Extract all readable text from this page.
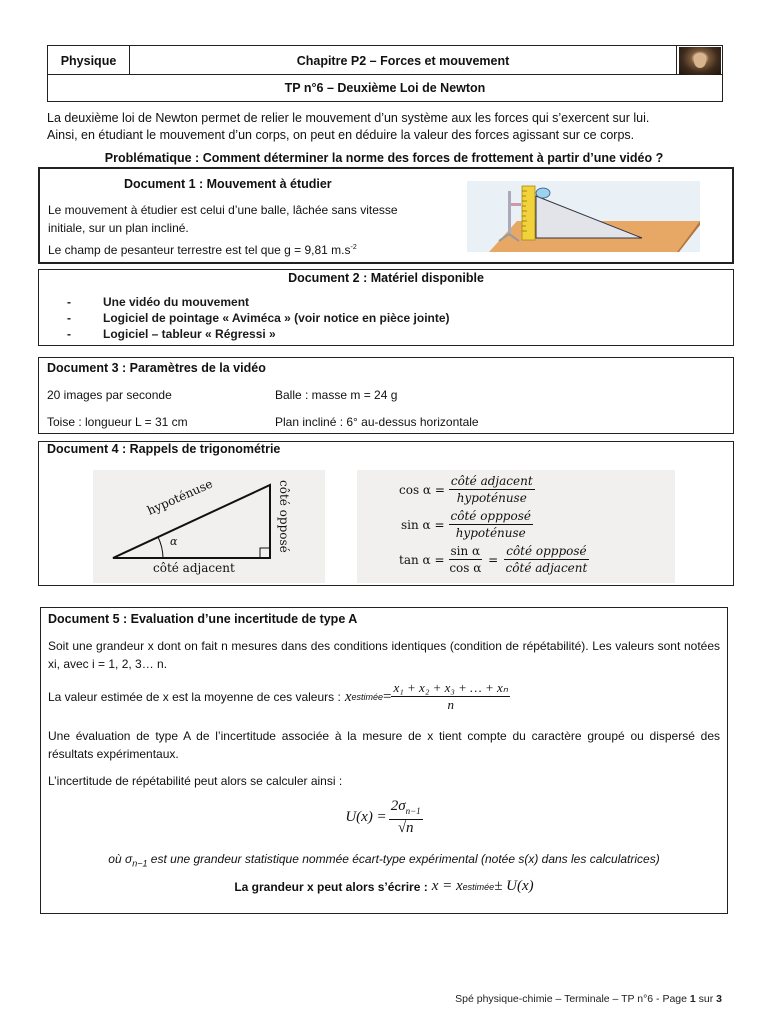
Physique	Chapitre P2 – Forces et mouvement
TP n°6 – Deuxième Loi de Newton
La deuxième loi de Newton permet de relier le mouvement d’un système aux les forces qui s’exercent sur lui.
Ainsi, en étudiant le mouvement d’un corps, on peut en déduire la valeur des forces agissant sur ce corps.
Problématique : Comment déterminer la norme des forces de frottement à partir d’une vidéo ?
Document 1 : Mouvement à étudier
Le mouvement à étudier est celui d’une balle, lâchée sans vitesse initiale, sur un plan incliné.
Le champ de pesanteur terrestre est tel que g = 9,81 $m.s^{-2}$
Document 2 : Matériel disponible
-	Une vidéo du mouvement
-	Logiciel de pointage « Aviméca » (voir notice en pièce jointe)
-	Logiciel – tableur « Régressi »
Document 3 : Paramètres de la vidéo
20 images par seconde	Balle : masse m = 24 g
Toise : longueur L = 31 cm	Plan incliné : 6° au-dessus horizontale
Document 4 : Rappels de trigonométrie
α
hypoténuse
côté adjacent
côté opposé	$\cos \alpha = \frac{\text{côté adjacent}}{\text{hypoténuse}}$
$\sin \alpha = \frac{\text{côté oppposé}}{\text{hypoténuse}}$
$\tan \alpha = \frac{\text{sin α}}{\text{cos α}} = \frac{\text{côté oppposé}}{\text{côté adjacent}}$
Document 5 : Evaluation d’une incertitude de type A
Soit une grandeur x dont on fait n mesures dans des conditions identiques (condition de répétabilité). Les valeurs sont notées xi, avec i = 1, 2, 3… n.
La valeur estimée de x est la moyenne de ces valeurs : x estimée = $\frac{\text{x₁ + x₂ + x₃ + … + xₙ}}{n}$
Une évaluation de type A de l’incertitude associée à la mesure de x tient compte du caractère groupé ou dispersé des résultats expérimentaux.
L’incertitude de répétabilité peut alors se calculer ainsi :
$U(x) = \frac{2\sigma_{n-1}}{√n}$
où $\sigma_{n-1}$ est une grandeur statistique nommée écart-type expérimental (notée s(x) dans les calculatrices)
La grandeur x peut alors s’écrire : x = x estimée ± U(x)
Spé physique-chimie – Terminale – TP n°6 - Page 1 sur 3
